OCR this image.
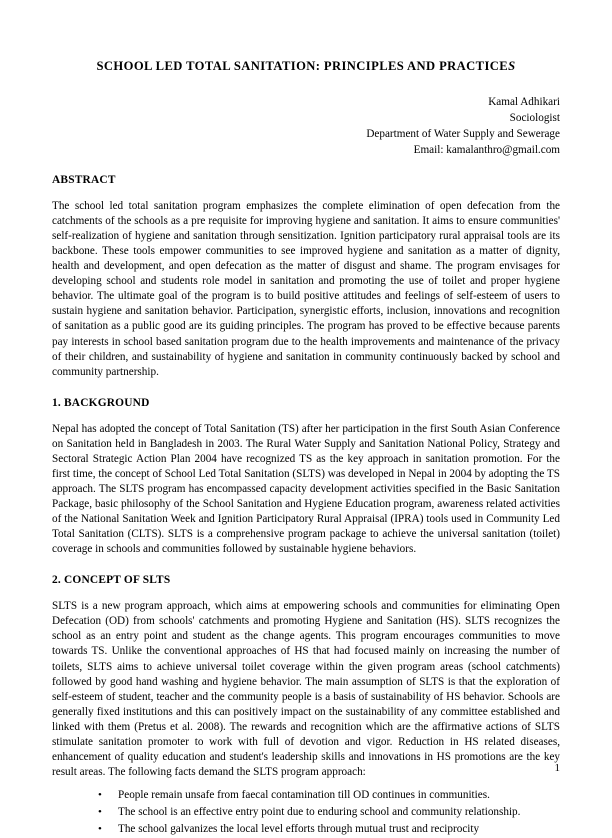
SCHOOL LED TOTAL SANITATION: PRINCIPLES AND PRACTICES
Kamal Adhikari
Sociologist
Department of Water Supply and Sewerage
Email: kamalanthro@gmail.com
ABSTRACT

The school led total sanitation program emphasizes the complete elimination of open defecation from the catchments of the schools as a pre requisite for improving hygiene and sanitation. It aims to ensure communities' self-realization of hygiene and sanitation through sensitization. Ignition participatory rural appraisal tools are its backbone. These tools empower communities to see improved hygiene and sanitation as a matter of dignity, health and development, and open defecation as the matter of disgust and shame. The program envisages for developing school and students role model in sanitation and promoting the use of toilet and proper hygiene behavior. The ultimate goal of the program is to build positive attitudes and feelings of self-esteem of users to sustain hygiene and sanitation behavior. Participation, synergistic efforts, inclusion, innovations and recognition of sanitation as a public good are its guiding principles. The program has proved to be effective because parents pay interests in school based sanitation program due to the health improvements and maintenance of the privacy of their children, and sustainability of hygiene and sanitation in community continuously backed by school and community partnership.

1. BACKGROUND

Nepal has adopted the concept of Total Sanitation (TS) after her participation in the first South Asian Conference on Sanitation held in Bangladesh in 2003. The Rural Water Supply and Sanitation National Policy, Strategy and Sectoral Strategic Action Plan 2004 have recognized TS as the key approach in sanitation promotion. For the first time, the concept of School Led Total Sanitation (SLTS) was developed in Nepal in 2004 by adopting the TS approach. The SLTS program has encompassed capacity development activities specified in the Basic Sanitation Package, basic philosophy of the School Sanitation and Hygiene Education program, awareness related activities of the National Sanitation Week and Ignition Participatory Rural Appraisal (IPRA) tools used in Community Led Total Sanitation (CLTS). SLTS is a comprehensive program package to achieve the universal sanitation (toilet) coverage in schools and communities followed by sustainable hygiene behaviors.

2. CONCEPT OF SLTS

SLTS is a new program approach, which aims at empowering schools and communities for eliminating Open Defecation (OD) from schools' catchments and promoting Hygiene and Sanitation (HS). SLTS recognizes the school as an entry point and student as the change agents. This program encourages communities to move towards TS. Unlike the conventional approaches of HS that had focused mainly on increasing the number of toilets, SLTS aims to achieve universal toilet coverage within the given program areas (school catchments) followed by good hand washing and hygiene behavior. The main assumption of SLTS is that the exploration of self-esteem of student, teacher and the community people is a basis of sustainability of HS behavior. Schools are generally fixed institutions and this can positively impact on the sustainability of any committee established and linked with them (Pretus et al. 2008). The rewards and recognition which are the affirmative actions of SLTS stimulate sanitation promoter to work with full of devotion and vigor. Reduction in HS related diseases, enhancement of quality education and student's leadership skills and innovations in HS promotions are the key result areas. The following facts demand the SLTS program approach:

• People remain unsafe from faecal contamination till OD continues in communities.
• The school is an effective entry point due to enduring school and community relationship.
• The school galvanizes the local level efforts through mutual trust and reciprocity
1
